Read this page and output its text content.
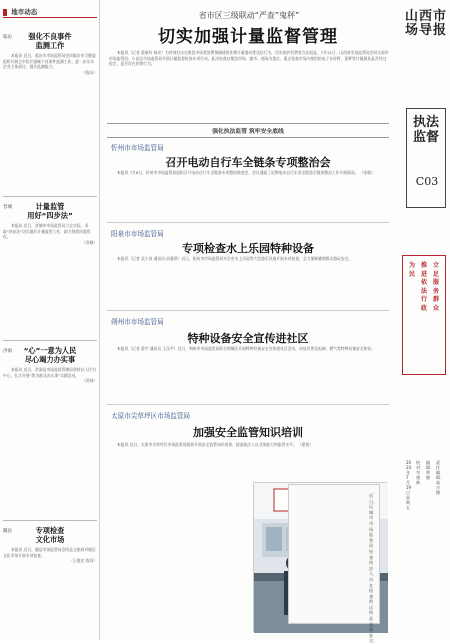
地市动态
临汾	强化不良事件
监测工作
本报讯 近日，临汾市市场监管局会同临汾市卫健委组织开展全市医疗器械不良事件监测工作，进一步压实企业主体责任，提升监测能力。
（临汾）
晋城	计量监管
用好“四步法”
本报讯 近日，晋城市市场监管局立足实际，采取“四步法”切实做好计量监管工作，助力营商环境优化。
（晋城）
洪洞	“心”一意为人民
尽心竭力办实事
本报讯 近日，洪洞县市场监督管理局坚持以人民为中心，扎实开展“我为群众办实事”实践活动。
（洪洞）
隰县	专项检查
文化市场
本报讯 近日，隰县市场监管局会同县文旅局对辖区文化市场开展专项检查。
（王俊宏 陈涛）
省市区三级联动“严查”鬼秤”
切实加强计量监督管理
本报讯（记者 薛康玲 杨亮）为有效打击在集贸市场等消费领域使用作弊计量器具等违法行为，切实保护消费者合法权益，7月12日，山西省市场监管局会同太原市市场监管局、小店区市场监管局开展计量监督检查专项行动。此次检查以集贸市场、超市、商场为重点，重点检查市场内使用的电子计价秤、案秤等计量器具是否经过检定，是否存在作弊行为。
强化执法监管 筑牢安全底线
忻州市市场监管局
召开电动自行车全链条专项整治会
本报讯 7月8日，忻州市市场监管局组织召开电动自行车全链条专项整治推进会，会议通报了近期电动自行车安全隐患全链条整治工作开展情况。 （张敏）
阳泉市市场监管局
专项检查水上乐园特种设备
本报讯（记者 武小涛 通讯员 苗雅琪）近日，阳泉市市场监管局对全市水上乐园等大型游乐设施开展专项检查，全力保障暑期群众游玩安全。
朔州市市场监管局
特种设备安全宣传进社区
本报讯（记者 薛宇 通讯员 王汉平）近日，朔州市市场监管局联合朔城区开展特种设备安全宣传进社区活动，向居民普及电梯、燃气等特种设备安全知识。
太原市尖草坪区市场监管局
加强安全监管知识培训
本报讯 近日，太原市尖草坪区市场监管局组织开展安全监管知识培训，提高执法人员业务能力和监管水平。 （梁锐）
近日，运城市市场监管局检查执法人员在检查药店药品质量安全。
山西市场导报
执法监督
C03
立足服务群众
推进依法行政
为民
责任编辑：高吉德
编辑：黄晓
校对：韦建新
2024年7月19日 星期五
